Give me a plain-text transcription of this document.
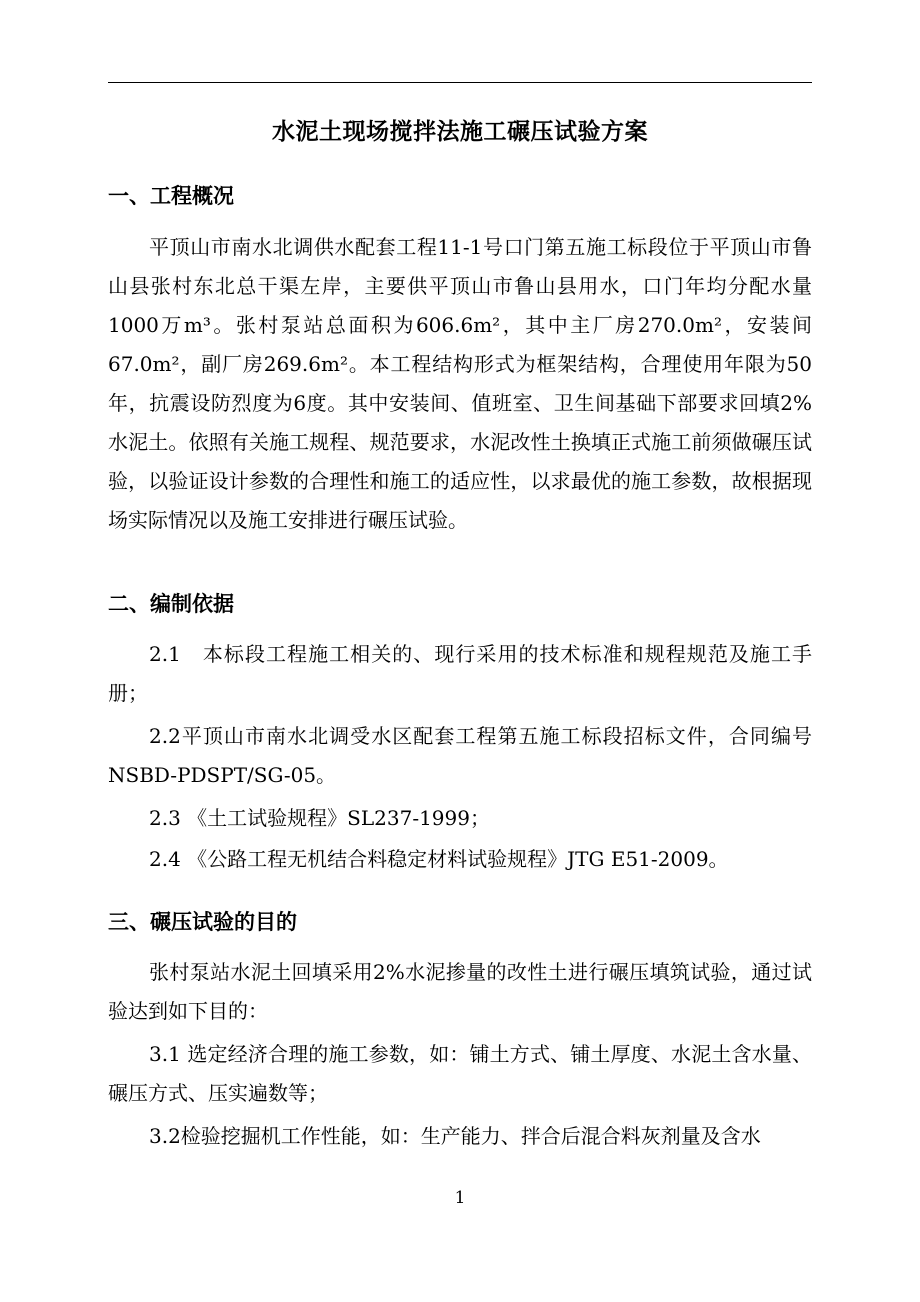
水泥土现场搅拌法施工碾压试验方案
一、工程概况

平顶山市南水北调供水配套工程11-1号口门第五施工标段位于平顶山市鲁山县张村东北总干渠左岸，主要供平顶山市鲁山县用水，口门年均分配水量1000万m³。张村泵站总面积为606.6m²，其中主厂房270.0m²，安装间67.0m²，副厂房269.6m²。本工程结构形式为框架结构，合理使用年限为50年，抗震设防烈度为6度。其中安装间、值班室、卫生间基础下部要求回填2%水泥土。依照有关施工规程、规范要求，水泥改性土换填正式施工前须做碾压试验，以验证设计参数的合理性和施工的适应性，以求最优的施工参数，故根据现场实际情况以及施工安排进行碾压试验。

二、编制依据

2.1　本标段工程施工相关的、现行采用的技术标准和规程规范及施工手册；

2.2平顶山市南水北调受水区配套工程第五施工标段招标文件，合同编号NSBD-PDSPT/SG-05。

2.3 《土工试验规程》SL237-1999；

2.4 《公路工程无机结合料稳定材料试验规程》JTG E51-2009。

三、碾压试验的目的

张村泵站水泥土回填采用2%水泥掺量的改性土进行碾压填筑试验，通过试验达到如下目的：

3.1 选定经济合理的施工参数，如：铺土方式、铺土厚度、水泥土含水量、碾压方式、压实遍数等；

3.2检验挖掘机工作性能，如：生产能力、拌合后混合料灰剂量及含水

1
